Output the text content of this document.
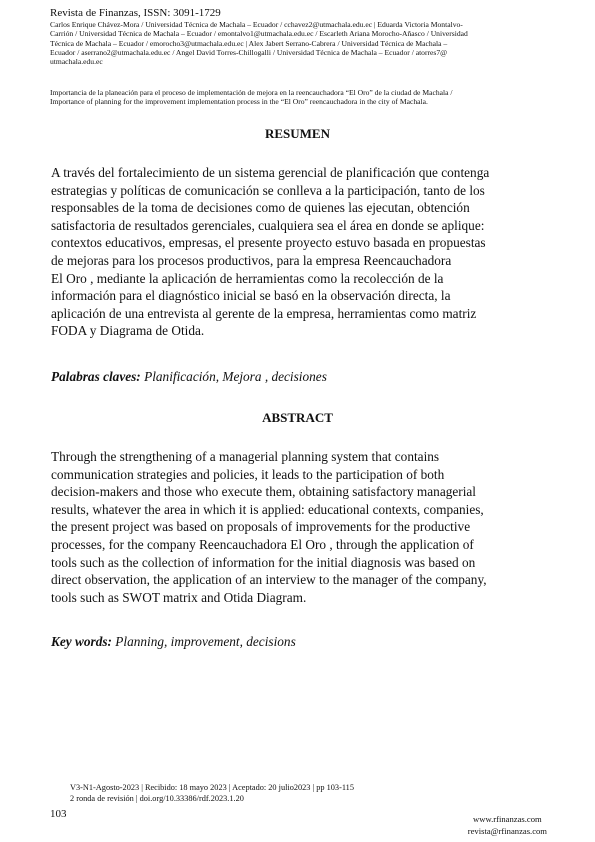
Revista de Finanzas, ISSN: 3091-1729
Carlos Enrique Chávez-Mora / Universidad Técnica de Machala – Ecuador / cchavez2@utmachala.edu.ec | Eduarda Victoria Montalvo-
Carrión / Universidad Técnica de Machala – Ecuador / emontalvo1@utmachala.edu.ec / Escarleth Ariana Morocho-Añasco / Universidad
Técnica de Machala – Ecuador / emorocho3@utmachala.edu.ec | Alex Jabert Serrano-Cabrera / Universidad Técnica de Machala –
Ecuador / aserrano2@utmachala.edu.ec / Angel David Torres-Chillogalli / Universidad Técnica de Machala – Ecuador / atorres7@
utmachala.edu.ec
Importancia de la planeación para el proceso de implementación de mejora en la reencauchadora “El Oro” de la ciudad de Machala /
Importance of planning for the improvement implementation process in the “El Oro” reencauchadora in the city of Machala.
RESUMEN

A través del fortalecimiento de un sistema gerencial de planificación que contenga
estrategias y políticas de comunicación se conlleva a la participación, tanto de los
responsables de la toma de decisiones como de quienes las ejecutan, obtención
satisfactoria de resultados gerenciales, cualquiera sea el área en donde se aplique:
contextos educativos, empresas, el presente proyecto estuvo basada en propuestas
de mejoras para los procesos productivos, para la empresa Reencauchadora
El Oro , mediante la aplicación de herramientas como la recolección de la
información para el diagnóstico inicial se basó en la observación directa, la
aplicación de una entrevista al gerente de la empresa, herramientas como matriz
FODA y Diagrama de Otida.

Palabras claves: Planificación, Mejora , decisiones
ABSTRACT

Through the strengthening of a managerial planning system that contains
communication strategies and policies, it leads to the participation of both
decision-makers and those who execute them, obtaining satisfactory managerial
results, whatever the area in which it is applied: educational contexts, companies,
the present project was based on proposals of improvements for the productive
processes, for the company Reencauchadora El Oro , through the application of
tools such as the collection of information for the initial diagnosis was based on
direct observation, the application of an interview to the manager of the company,
tools such as SWOT matrix and Otida Diagram.

Key words: Planning, improvement, decisions
V3-N1-Agosto-2023 | Recibido: 18 mayo 2023 | Aceptado: 20 julio2023 | pp 103-115
2 ronda de revisión | doi.org/10.33386/rdf.2023.1.20
103	www.rfinanzas.com
revista@rfinanzas.com
